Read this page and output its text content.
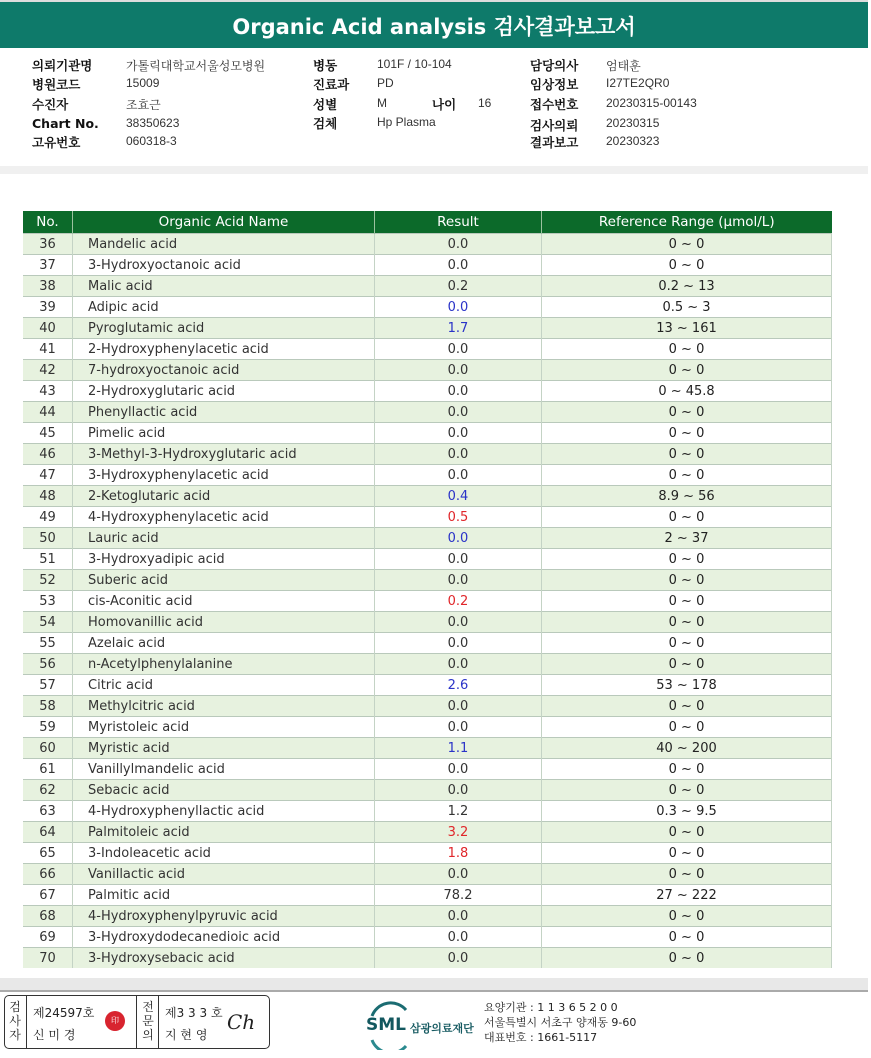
Organic Acid analysis 검사결과보고서
의뢰기관명	가톨릭대학교서울성모병원
병원코드	15009
수진자	조효근
Chart No. 38350623
고유번호	060318-3
병동	101F / 10-104
진료과 PD
성별	M	나이 16
검체	Hp Plasma
담당의사 엄태훈
임상정보 I27TE2QR0
접수번호 20230315-00143
검사의뢰 20230315
결과보고 20230323
No.	Organic Acid Name	Result	Reference Range (μmol/L)
36	Mandelic acid	0.0	0 ~ 0
37	3-Hydroxyoctanoic acid	0.0	0 ~ 0
38	Malic acid	0.2	0.2 ~ 13
39	Adipic acid	0.0	0.5 ~ 3
40	Pyroglutamic acid	1.7	13 ~ 161
41	2-Hydroxyphenylacetic acid	0.0	0 ~ 0
42	7-hydroxyoctanoic acid	0.0	0 ~ 0
43	2-Hydroxyglutaric acid	0.0	0 ~ 45.8
44	Phenyllactic acid	0.0	0 ~ 0
45	Pimelic acid	0.0	0 ~ 0
46	3-Methyl-3-Hydroxyglutaric acid	0.0	0 ~ 0
47	3-Hydroxyphenylacetic acid	0.0	0 ~ 0
48	2-Ketoglutaric acid	0.4	8.9 ~ 56
49	4-Hydroxyphenylacetic acid	0.5	0 ~ 0
50	Lauric acid	0.0	2 ~ 37
51	3-Hydroxyadipic acid	0.0	0 ~ 0
52	Suberic acid	0.0	0 ~ 0
53	cis-Aconitic acid	0.2	0 ~ 0
54	Homovanillic acid	0.0	0 ~ 0
55	Azelaic acid	0.0	0 ~ 0
56	n-Acetylphenylalanine	0.0	0 ~ 0
57	Citric acid	2.6	53 ~ 178
58	Methylcitric acid	0.0	0 ~ 0
59	Myristoleic acid	0.0	0 ~ 0
60	Myristic acid	1.1	40 ~ 200
61	Vanillylmandelic acid	0.0	0 ~ 0
62	Sebacic acid	0.0	0 ~ 0
63	4-Hydroxyphenyllactic acid	1.2	0.3 ~ 9.5
64	Palmitoleic acid	3.2	0 ~ 0
65	3-Indoleacetic acid	1.8	0 ~ 0
66	Vanillactic acid	0.0	0 ~ 0
67	Palmitic acid	78.2	27 ~ 222
68	4-Hydroxyphenylpyruvic acid	0.0	0 ~ 0
69	3-Hydroxydodecanedioic acid	0.0	0 ~ 0
70	3-Hydroxysebacic acid	0.0	0 ~ 0
검사자
제24597호
신 미 경
印
전문의
제3 3 3 호
지 현 영
Ch	SML 삼광의료재단
요양기관 : 1 1 3 6 5 2 0 0
서울특별시 서초구 양재동 9-60
대표번호 : 1661-5117
